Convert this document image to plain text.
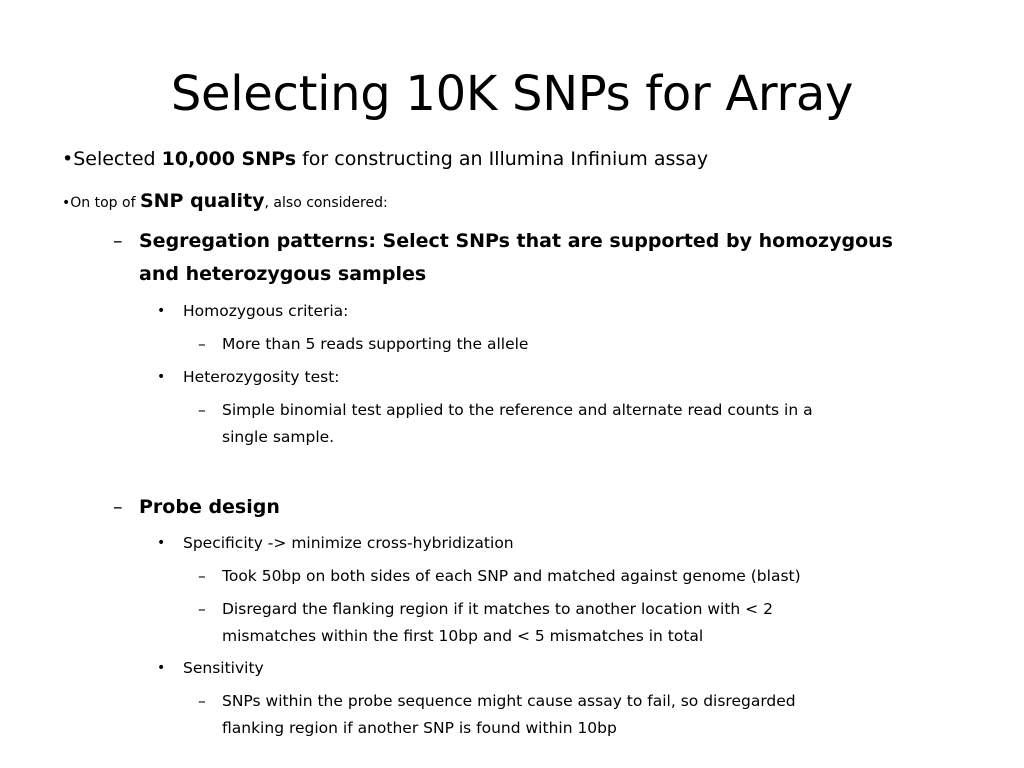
Selecting 10K SNPs for Array
•Selected 10,000 SNPs for constructing an Illumina Infinium assay
•On top of SNP quality, also considered:
– Segregation patterns: Select SNPs that are supported by homozygous
and heterozygous samples
• Homozygous criteria:
– More than 5 reads supporting the allele
• Heterozygosity test:
– Simple binomial test applied to the reference and alternate read counts in a
single sample.
– Probe design
• Specificity -> minimize cross-hybridization
– Took 50bp on both sides of each SNP and matched against genome (blast)
– Disregard the flanking region if it matches to another location with < 2
mismatches within the first 10bp and < 5 mismatches in total
• Sensitivity
– SNPs within the probe sequence might cause assay to fail, so disregarded
flanking region if another SNP is found within 10bp
